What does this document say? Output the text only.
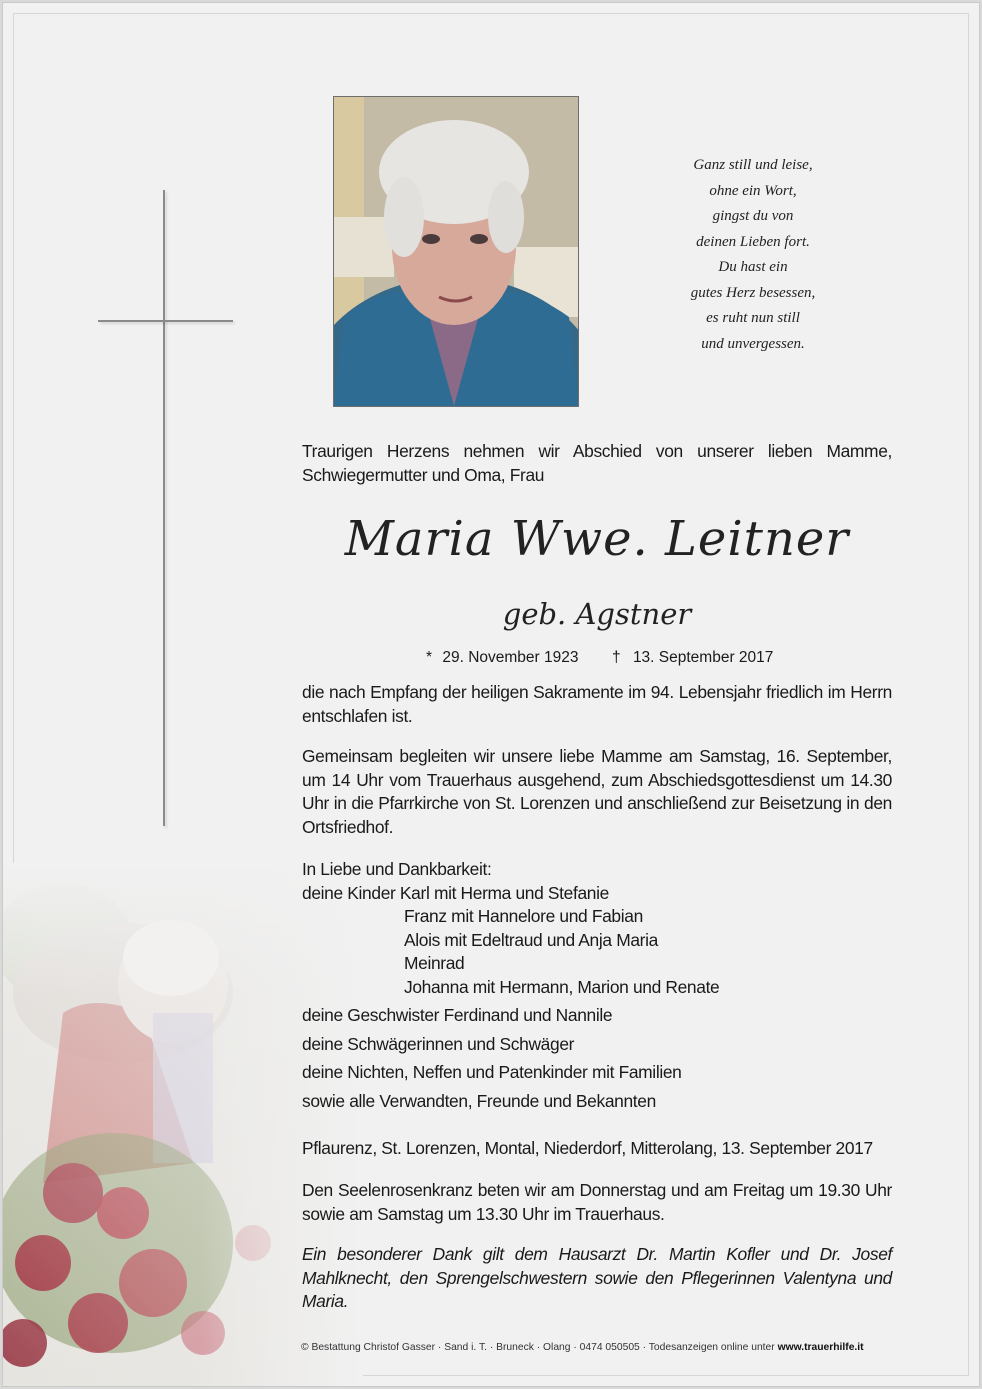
Ganz still und leise,
ohne ein Wort,
gingst du von
deinen Lieben fort.
Du hast ein
gutes Herz besessen,
es ruht nun still
und unvergessen.
Traurigen Herzens nehmen wir Abschied von unserer lieben Mamme, Schwiegermutter und Oma, Frau
Maria Wwe. Leitner
geb. Agstner
* 29. November 1923 † 13. September 2017
die nach Empfang der heiligen Sakramente im 94. Lebensjahr friedlich im Herrn entschlafen ist.
Gemeinsam begleiten wir unsere liebe Mamme am Samstag, 16. September, um 14 Uhr vom Trauerhaus ausgehend, zum Abschiedsgottesdienst um 14.30 Uhr in die Pfarrkirche von St. Lorenzen und anschließend zur Beisetzung in den Ortsfriedhof.
In Liebe und Dankbarkeit:
deine Kinder Karl mit Herma und Stefanie
Franz mit Hannelore und Fabian
Alois mit Edeltraud und Anja Maria
Meinrad
Johanna mit Hermann, Marion und Renate
deine Geschwister Ferdinand und Nannile
deine Schwägerinnen und Schwäger
deine Nichten, Neffen und Patenkinder mit Familien
sowie alle Verwandten, Freunde und Bekannten
Pflaurenz, St. Lorenzen, Montal, Niederdorf, Mitterolang, 13. September 2017
Den Seelenrosenkranz beten wir am Donnerstag und am Freitag um 19.30 Uhr sowie am Samstag um 13.30 Uhr im Trauerhaus.
Ein besonderer Dank gilt dem Hausarzt Dr. Martin Kofler und Dr. Josef Mahlknecht, den Sprengelschwestern sowie den Pflegerinnen Valentyna und Maria.
© Bestattung Christof Gasser · Sand i. T. · Bruneck · Olang · 0474 050505 · Todesanzeigen online unter www.trauerhilfe.it
